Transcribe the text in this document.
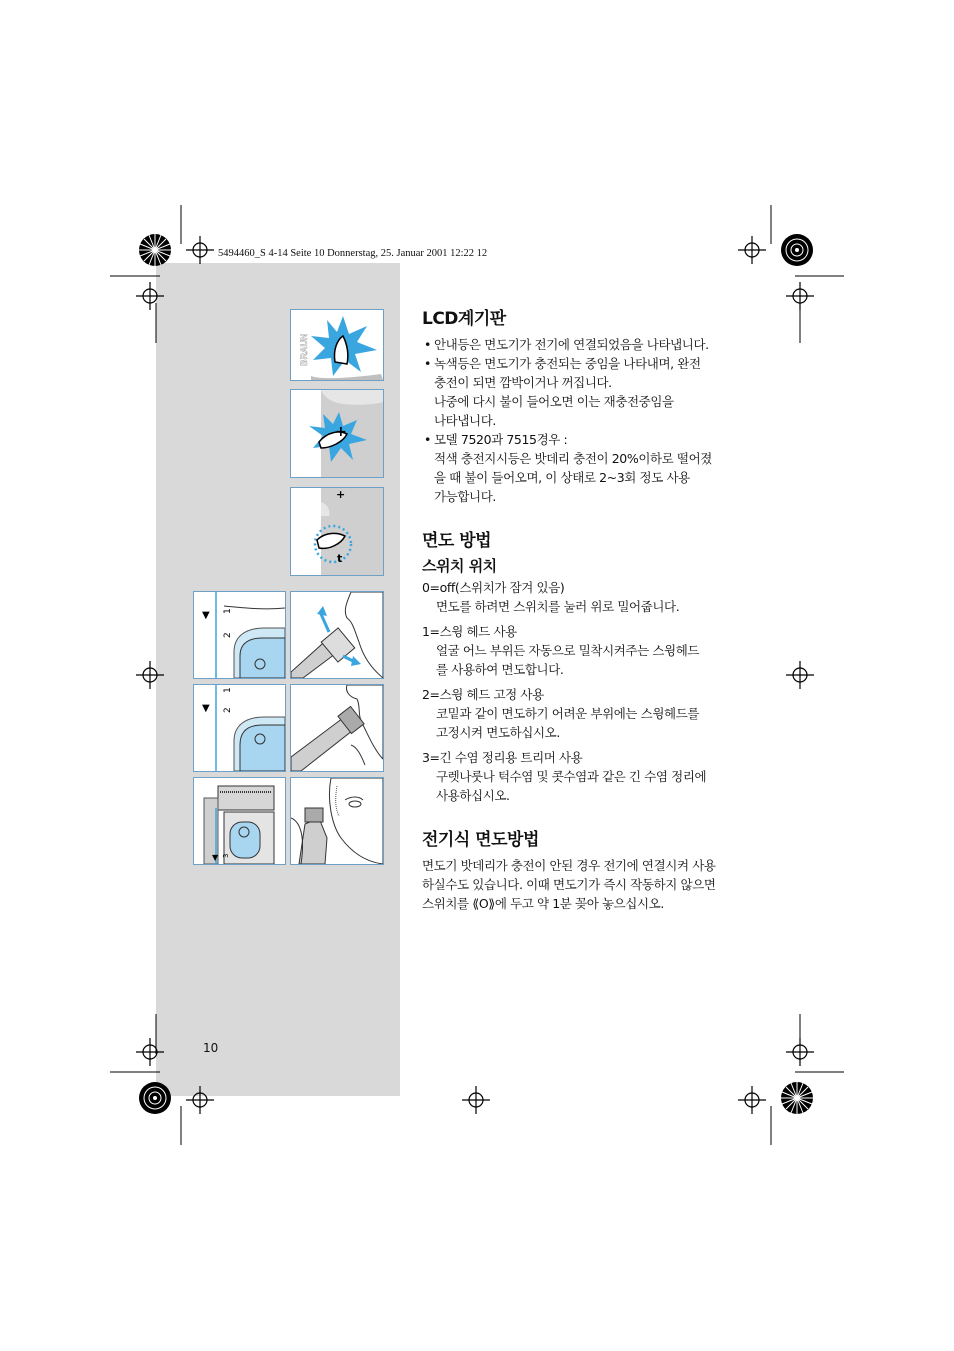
5494460_S 4-14 Seite 10 Donnerstag, 25. Januar 2001 12:22 12
BRAUN
+
+
t
▼
2
1
▼ 2
1
▼ 3
LCD계기판
• 안내등은 면도기가 전기에 연결되었음을 나타냅니다.
• 녹색등은 면도기가 충전되는 중임을 나타내며, 완전
충전이 되면 깜박이거나 꺼집니다.
나중에 다시 불이 들어오면 이는 재충전중임을
나타냅니다.
• 모델 7520과 7515경우 :
적색 충전지시등은 밧데리 충전이 20%이하로 떨어졌
을 때 불이 들어오며, 이 상태로 2~3회 정도 사용
가능합니다.
면도 방법
스위치 위치
0=off(스위치가 잠겨 있음)
면도를 하려면 스위치를 눌러 위로 밀어줍니다.
1=스윙 헤드 사용
얼굴 어느 부위든 자동으로 밀착시켜주는 스윙헤드
를 사용하여 면도합니다.
2=스윙 헤드 고정 사용
코밑과 같이 면도하기 어려운 부위에는 스윙헤드를
고정시켜 면도하십시오.
3=긴 수염 정리용 트리머 사용
구렛나룻나 턱수염 및 콧수염과 같은 긴 수염 정리에
사용하십시오.
전기식 면도방법

면도기 밧데리가 충전이 안된 경우 전기에 연결시켜 사용

하실수도 있습니다. 이때 면도기가 즉시 작동하지 않으면

스위치를 ⟪O⟫에 두고 약 1분 꽂아 놓으십시오.

10
